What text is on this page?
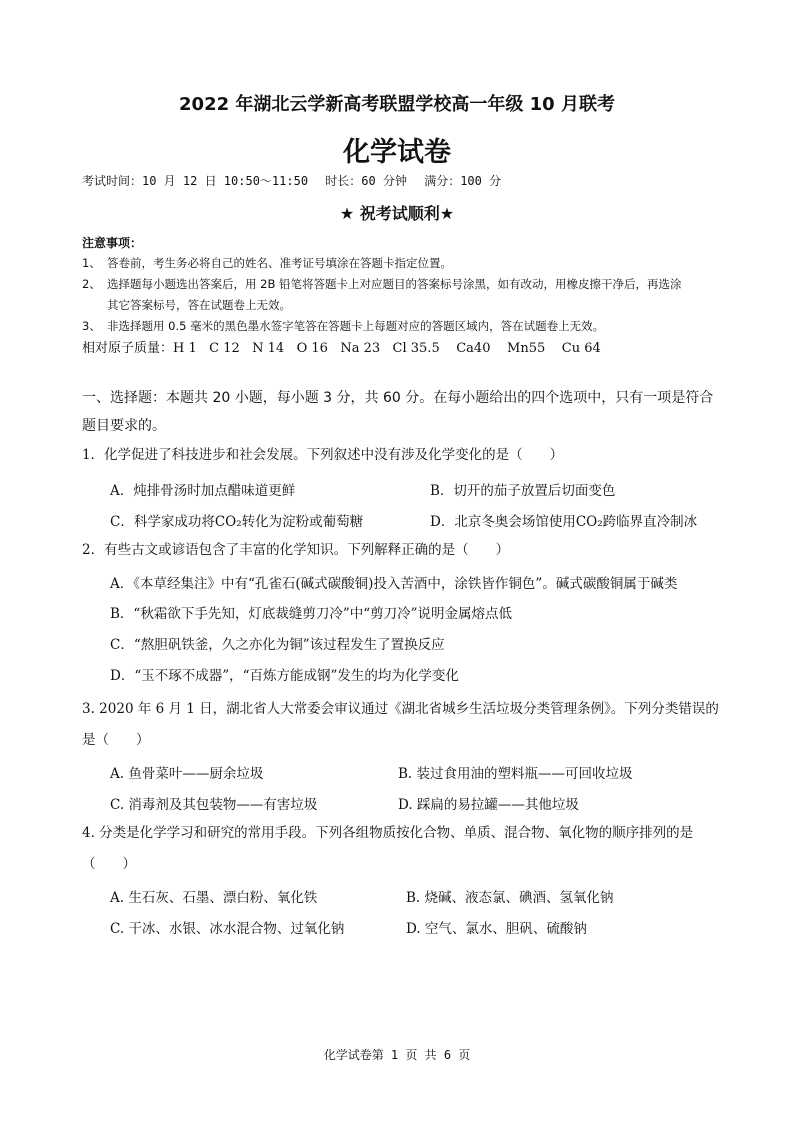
2022 年湖北云学新高考联盟学校高一年级 10 月联考
化学试卷
考试时间：10 月 12 日 10:50～11:50 时长：60 分钟 满分：100 分
★ 祝考试顺利★
注意事项：
1、 答卷前，考生务必将自己的姓名、准考证号填涂在答题卡指定位置。
2、 选择题每小题选出答案后，用 2B 铅笔将答题卡上对应题目的答案标号涂黑，如有改动，用橡皮擦干净后，再选涂
其它答案标号，答在试题卷上无效。
3、 非选择题用 0.5 毫米的黑色墨水签字笔答在答题卡上每题对应的答题区域内，答在试题卷上无效。
相对原子质量：H 1   C 12   N 14   O 16   Na 23   Cl 35.5    Ca40    Mn55    Cu 64
一、选择题：本题共 20 小题，每小题 3 分，共 60 分。在每小题给出的四个选项中，只有一项是符合题目要求的。
1．化学促进了科技进步和社会发展。下列叙述中没有涉及化学变化的是（　　）
A．炖排骨汤时加点醋味道更鲜	B．切开的茄子放置后切面变色
C．科学家成功将CO₂转化为淀粉或葡萄糖	D．北京冬奥会场馆使用CO₂跨临界直冷制冰
2．有些古文或谚语包含了丰富的化学知识。下列解释正确的是（　　）
A．《本草经集注》中有“孔雀石(碱式碳酸铜)投入苦酒中，涂铁皆作铜色”。碱式碳酸铜属于碱类
B．“秋霜欲下手先知，灯底裁缝剪刀冷”中“剪刀冷”说明金属熔点低
C．“熬胆矾铁釜，久之亦化为铜”该过程发生了置换反应
D．“玉不琢不成器”，“百炼方能成钢”发生的均为化学变化
3. 2020 年 6 月 1 日，湖北省人大常委会审议通过《湖北省城乡生活垃圾分类管理条例》。下列分类错误的是（　　）
A. 鱼骨菜叶——厨余垃圾	B. 装过食用油的塑料瓶——可回收垃圾
C. 消毒剂及其包装物——有害垃圾	D. 踩扁的易拉罐——其他垃圾
4. 分类是化学学习和研究的常用手段。下列各组物质按化合物、单质、混合物、氧化物的顺序排列的是（　　）
A. 生石灰、石墨、漂白粉、氧化铁	B. 烧碱、液态氯、碘酒、氢氧化钠
C. 干冰、水银、冰水混合物、过氧化钠	D. 空气、氯水、胆矾、硫酸钠
化学试卷第 1 页 共 6 页
